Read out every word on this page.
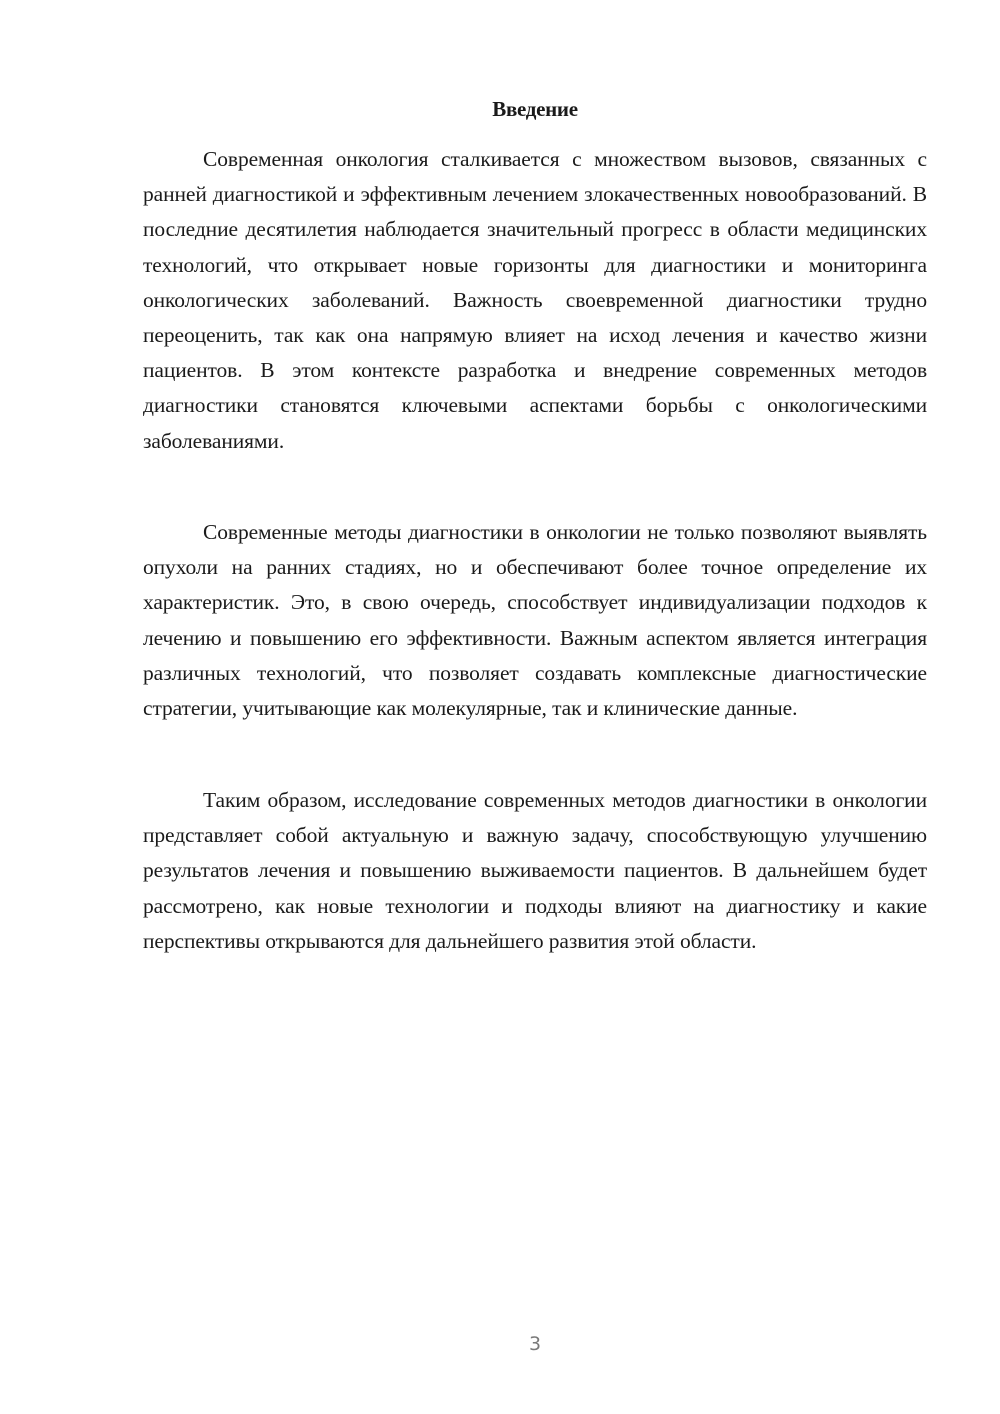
Введение

Современная онкология сталкивается с множеством вызовов, связанных с ранней диагностикой и эффективным лечением злокачественных новообразований. В последние десятилетия наблюдается значительный прогресс в области медицинских технологий, что открывает новые горизонты для диагностики и мониторинга онкологических заболеваний. Важность своевременной диагностики трудно переоценить, так как она напрямую влияет на исход лечения и качество жизни пациентов. В этом контексте разработка и внедрение современных методов диагностики становятся ключевыми аспектами борьбы с онкологическими заболеваниями.

Современные методы диагностики в онкологии не только позволяют выявлять опухоли на ранних стадиях, но и обеспечивают более точное определение их характеристик. Это, в свою очередь, способствует индивидуализации подходов к лечению и повышению его эффективности. Важным аспектом является интеграция различных технологий, что позволяет создавать комплексные диагностические стратегии, учитывающие как молекулярные, так и клинические данные.

Таким образом, исследование современных методов диагностики в онкологии представляет собой актуальную и важную задачу, способствующую улучшению результатов лечения и повышению выживаемости пациентов. В дальнейшем будет рассмотрено, как новые технологии и подходы влияют на диагностику и какие перспективы открываются для дальнейшего развития этой области.

3
